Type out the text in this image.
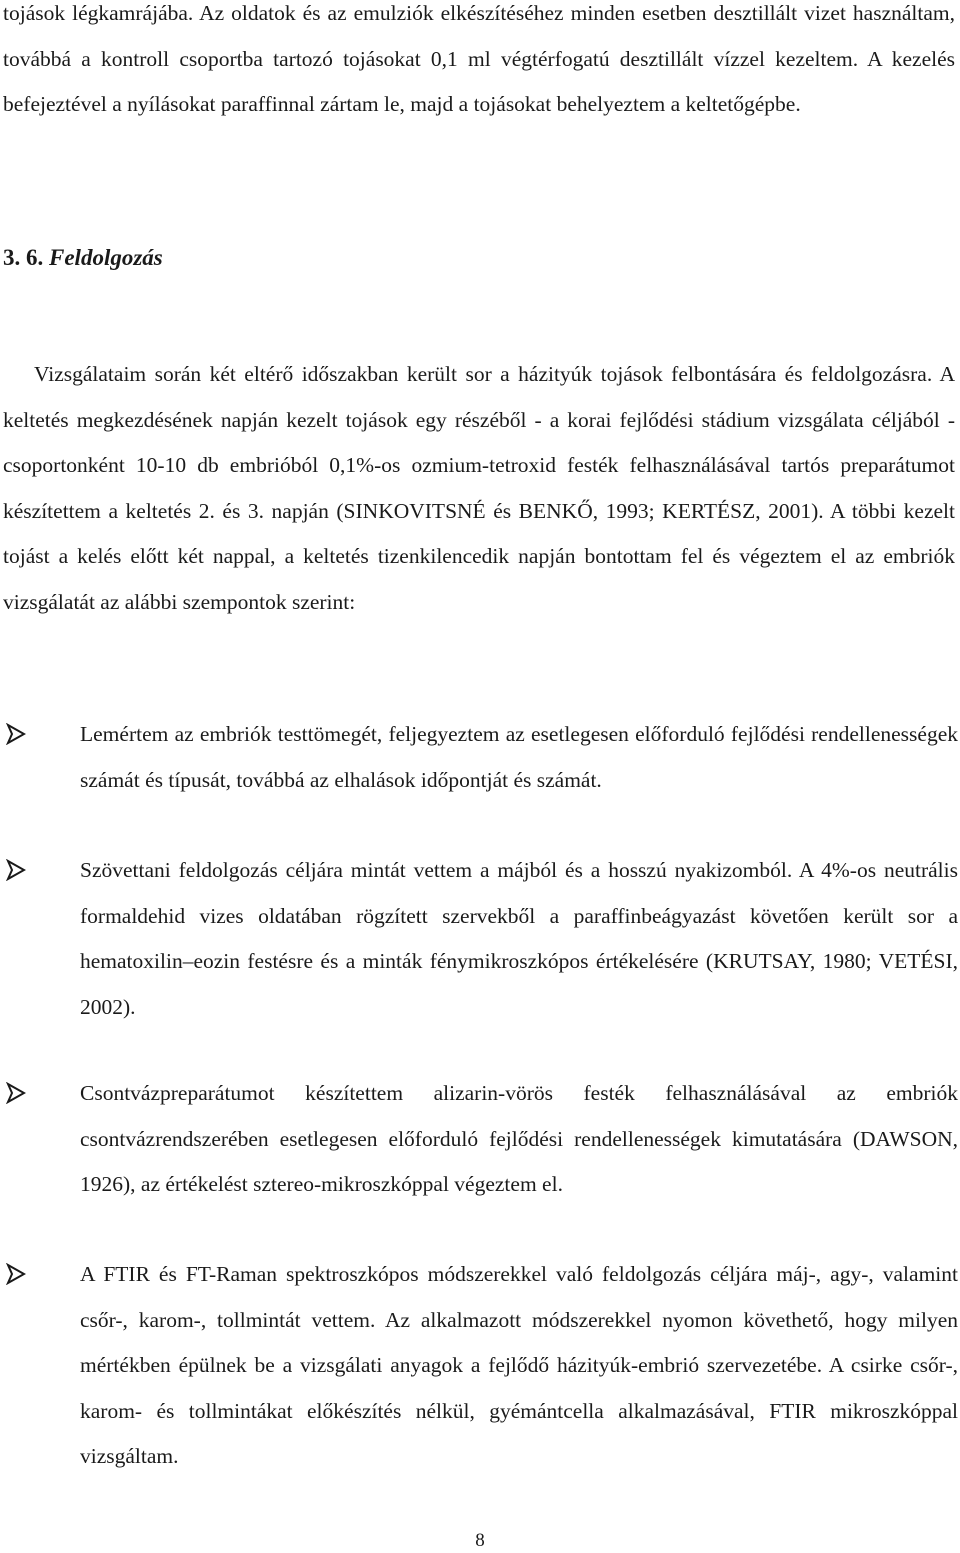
tojások légkamrájába. Az oldatok és az emulziók elkészítéséhez minden esetben desztillált vizet használtam, továbbá a kontroll csoportba tartozó tojásokat 0,1 ml végtérfogatú desztillált vízzel kezeltem. A kezelés befejeztével a nyílásokat paraffinnal zártam le, majd a tojásokat behelyeztem a keltetőgépbe.

3. 6. Feldolgozás

Vizsgálataim során két eltérő időszakban került sor a házityúk tojások felbontására és feldolgozásra. A keltetés megkezdésének napján kezelt tojások egy részéből - a korai fejlődési stádium vizsgálata céljából - csoportonként 10-10 db embrióból 0,1%-os ozmium-tetroxid festék felhasználásával tartós preparátumot készítettem a keltetés 2. és 3. napján (SINKOVITSNÉ és BENKŐ, 1993; KERTÉSZ, 2001). A többi kezelt tojást a kelés előtt két nappal, a keltetés tizenkilencedik napján bontottam fel és végeztem el az embriók vizsgálatát az alábbi szempontok szerint:

Lemértem az embriók testtömegét, feljegyeztem az esetlegesen előforduló fejlődési rendellenességek számát és típusát, továbbá az elhalások időpontját és számát.

Szövettani feldolgozás céljára mintát vettem a májból és a hosszú nyakizomból. A 4%-os neutrális formaldehid vizes oldatában rögzített szervekből a paraffinbeágyazást követően került sor a hematoxilin–eozin festésre és a minták fénymikroszkópos értékelésére (KRUTSAY, 1980; VETÉSI, 2002).

Csontvázpreparátumot készítettem alizarin-vörös festék felhasználásával az embriók csontvázrendszerében esetlegesen előforduló fejlődési rendellenességek kimutatására (DAWSON, 1926), az értékelést sztereo-mikroszkóppal végeztem el.

A FTIR és FT-Raman spektroszkópos módszerekkel való feldolgozás céljára máj-, agy-, valamint csőr-, karom-, tollmintát vettem. Az alkalmazott módszerekkel nyomon követhető, hogy milyen mértékben épülnek be a vizsgálati anyagok a fejlődő házityúk-embrió szervezetébe. A csirke csőr-, karom- és tollmintákat előkészítés nélkül, gyémántcella alkalmazásával, FTIR mikroszkóppal vizsgáltam.

8
